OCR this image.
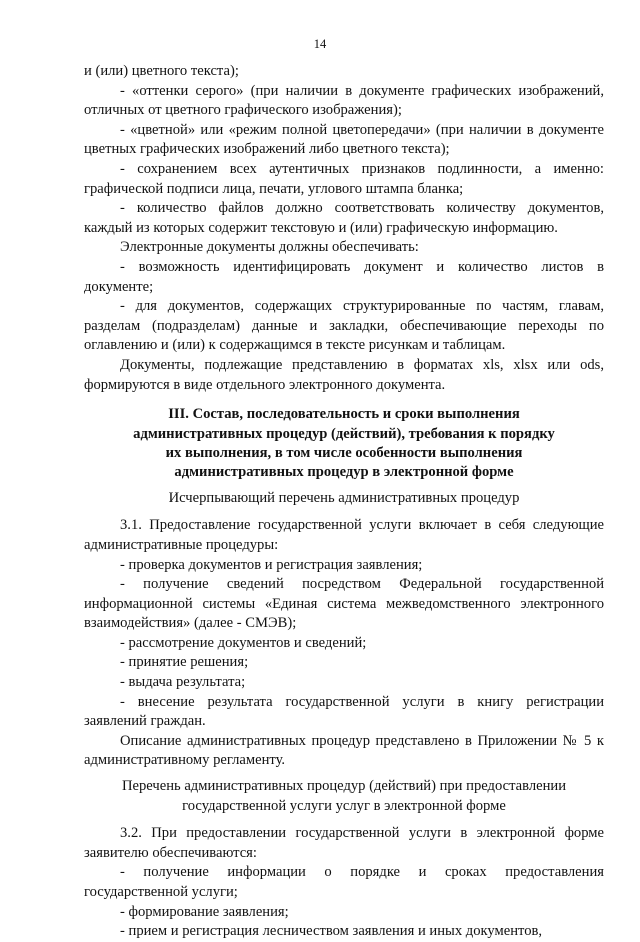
14

и (или) цветного текста);

- «оттенки серого» (при наличии в документе графических изображений, отличных от цветного графического изображения);

- «цветной» или «режим полной цветопередачи» (при наличии в документе цветных графических изображений либо цветного текста);

- сохранением всех аутентичных признаков подлинности, а именно: графической подписи лица, печати, углового штампа бланка;

- количество файлов должно соответствовать количеству документов, каждый из которых содержит текстовую и (или) графическую информацию.

Электронные документы должны обеспечивать:

- возможность идентифицировать документ и количество листов в документе;

- для документов, содержащих структурированные по частям, главам, разделам (подразделам) данные и закладки, обеспечивающие переходы по оглавлению и (или) к содержащимся в тексте рисункам и таблицам.

Документы, подлежащие представлению в форматах xls, xlsx или ods, формируются в виде отдельного электронного документа.

III. Состав, последовательность и сроки выполнения
административных процедур (действий), требования к порядку
их выполнения, в том числе особенности выполнения
административных процедур в электронной форме
Исчерпывающий перечень административных процедур

3.1. Предоставление государственной услуги включает в себя следующие административные процедуры:

- проверка документов и регистрация заявления;

- получение сведений посредством Федеральной государственной информационной системы «Единая система межведомственного электронного взаимодействия» (далее - СМЭВ);

- рассмотрение документов и сведений;

- принятие решения;

- выдача результата;

- внесение результата государственной услуги в книгу регистрации заявлений граждан.

Описание административных процедур представлено в Приложении № 5 к административному регламенту.

Перечень административных процедур (действий) при предоставлении
государственной услуги услуг в электронной форме

3.2. При предоставлении государственной услуги в электронной форме заявителю обеспечиваются:

- получение информации о порядке и сроках предоставления государственной услуги;

- формирование заявления;

- прием и регистрация лесничеством заявления и иных документов,
